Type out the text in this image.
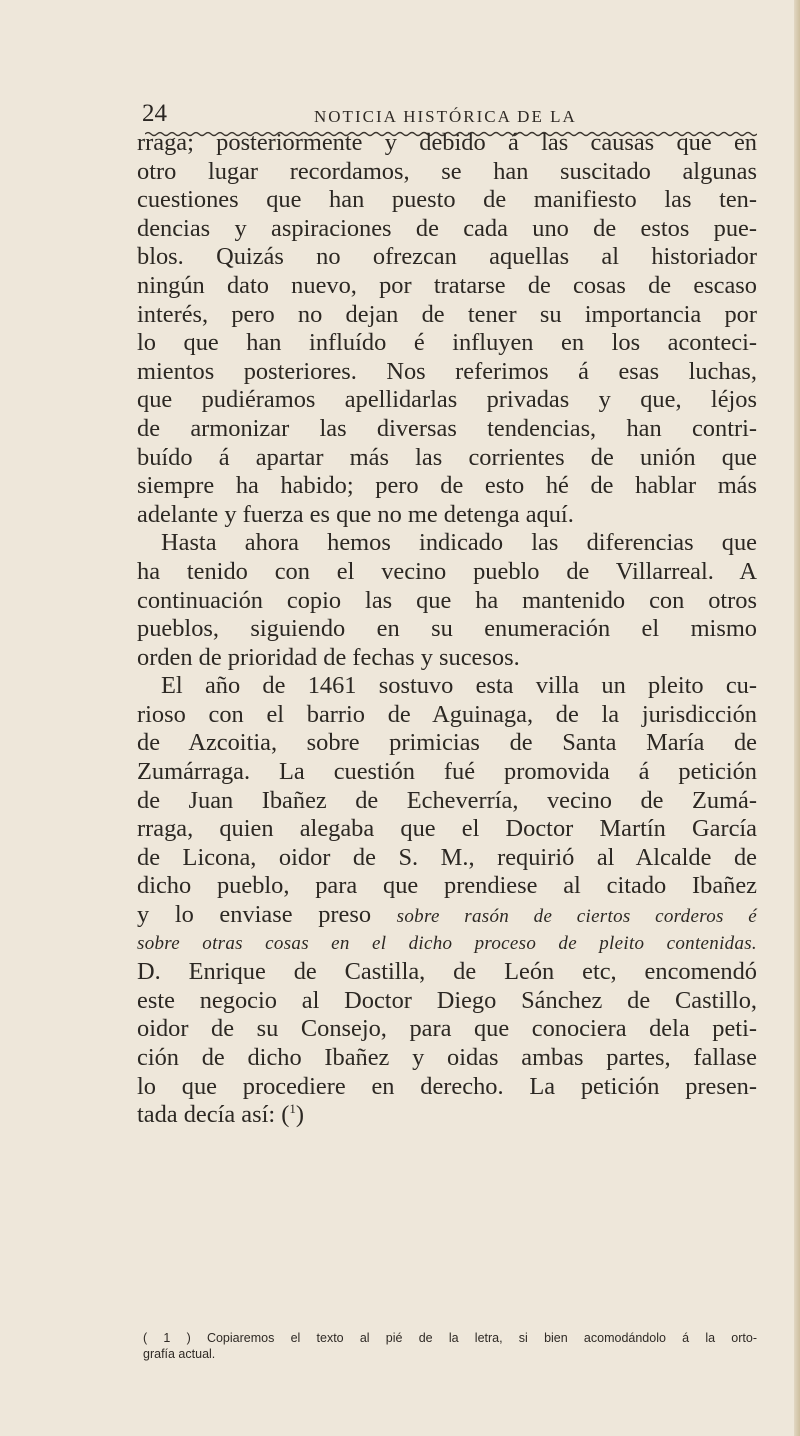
24	NOTICIA HISTÓRICA DE LA
rraga; posteriormente y debido á las causas que en
otro lugar recordamos, se han suscitado algunas
cuestiones que han puesto de manifiesto las ten-
dencias y aspiraciones de cada uno de estos pue-
blos. Quizás no ofrezcan aquellas al historiador
ningún dato nuevo, por tratarse de cosas de escaso
interés, pero no dejan de tener su importancia por
lo que han influído é influyen en los aconteci-
mientos posteriores. Nos referimos á esas luchas,
que pudiéramos apellidarlas privadas y que, léjos
de armonizar las diversas tendencias, han contri-
buído á apartar más las corrientes de unión que
siempre ha habido; pero de esto hé de hablar más
adelante y fuerza es que no me detenga aquí.
Hasta ahora hemos indicado las diferencias que
ha tenido con el vecino pueblo de Villarreal. A
continuación copio las que ha mantenido con otros
pueblos, siguiendo en su enumeración el mismo
orden de prioridad de fechas y sucesos.
El año de 1461 sostuvo esta villa un pleito cu-
rioso con el barrio de Aguinaga, de la jurisdicción
de Azcoitia, sobre primicias de Santa María de
Zumárraga. La cuestión fué promovida á petición
de Juan Ibañez de Echeverría, vecino de Zumá-
rraga, quien alegaba que el Doctor Martín García
de Licona, oidor de S. M., requirió al Alcalde de
dicho pueblo, para que prendiese al citado Ibañez
y lo enviase preso sobre rasón de ciertos corderos é
sobre otras cosas en el dicho proceso de pleito contenidas.
D. Enrique de Castilla, de León etc, encomendó
este negocio al Doctor Diego Sánchez de Castillo,
oidor de su Consejo, para que conociera dela peti-
ción de dicho Ibañez y oidas ambas partes, fallase
lo que procediere en derecho. La petición presen-
tada decía así: ($^1$)
( 1 ) Copiaremos el texto al pié de la letra, si bien acomodándolo á la orto-
grafía actual.
